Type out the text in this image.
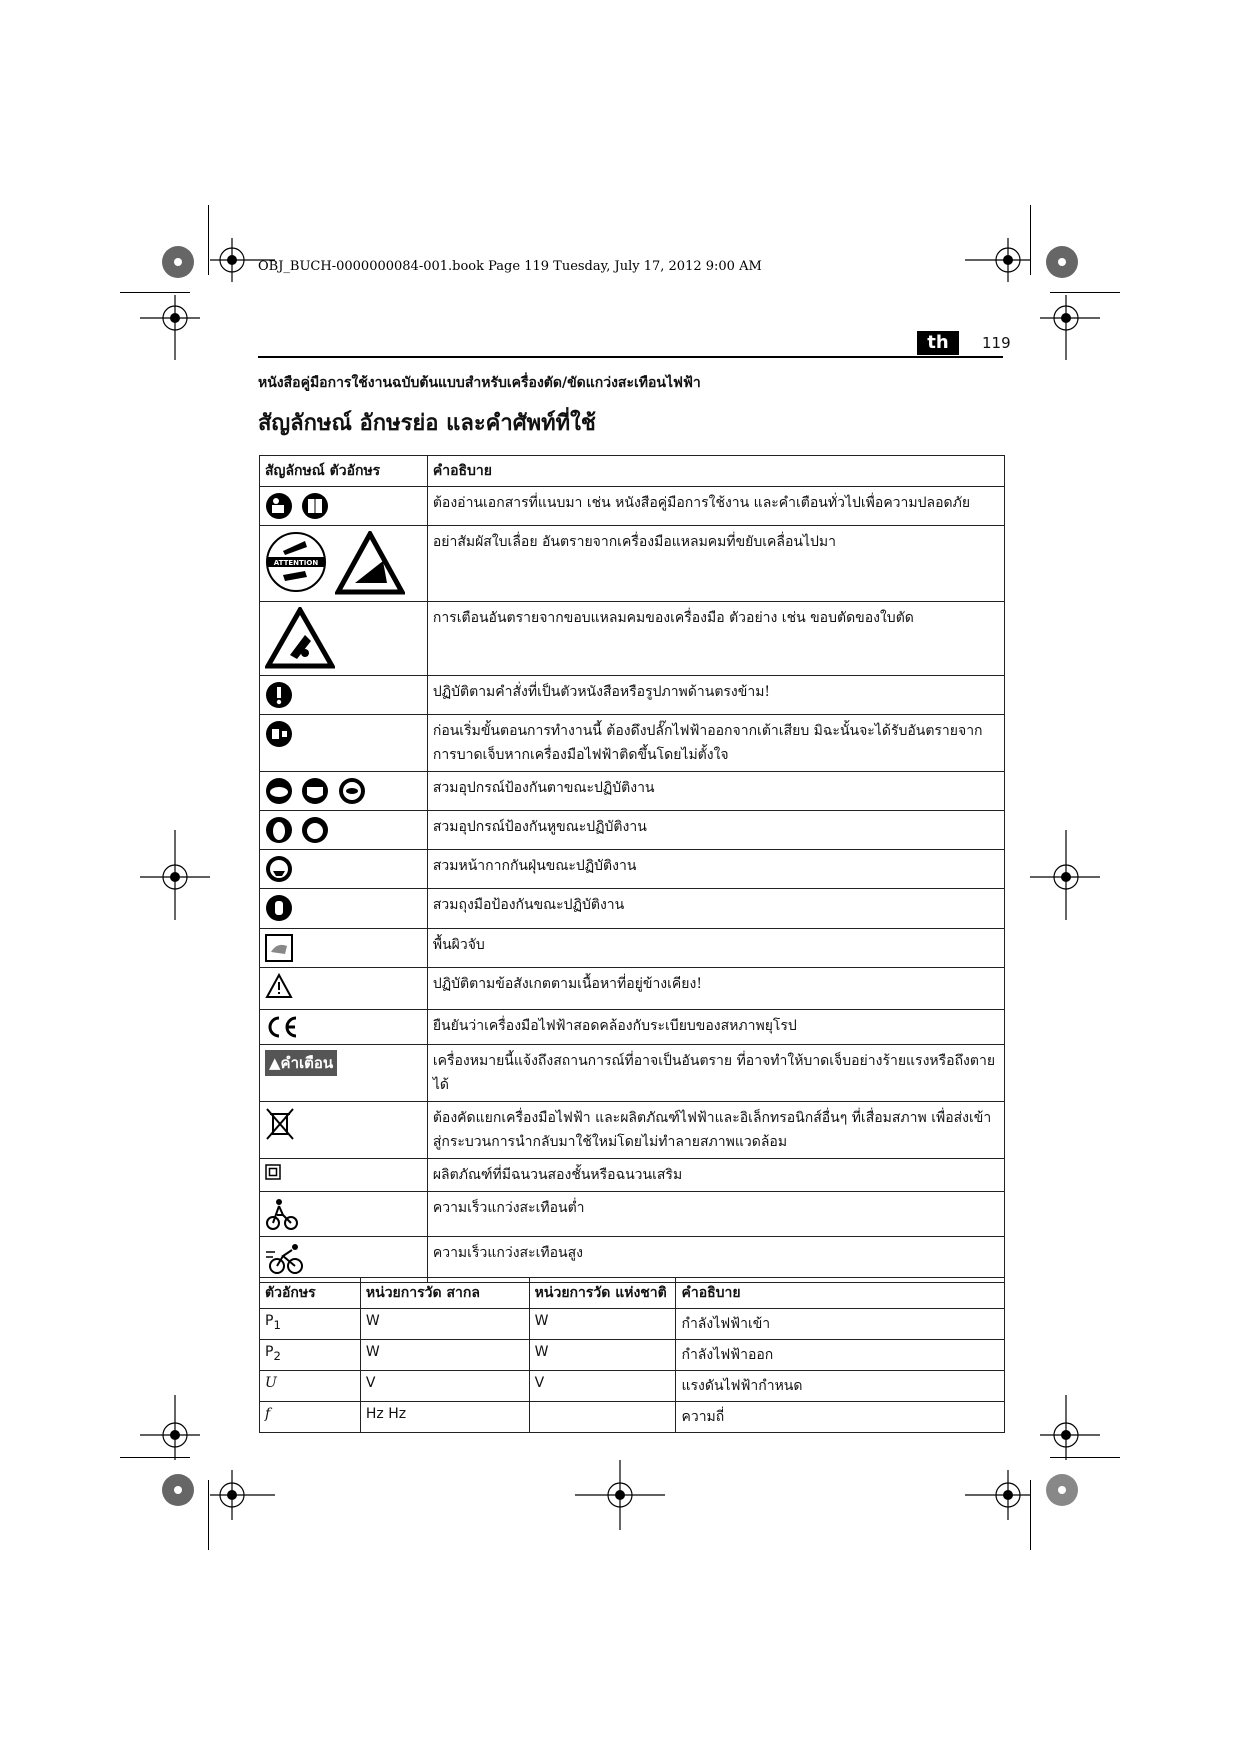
OBJ_BUCH-0000000084-001.book Page 119 Tuesday, July 17, 2012 9:00 AM
th	119
หนังสือคู่มือการใช้งานฉบับต้นแบบสำหรับเครื่องตัด/ขัดแกว่งสะเทือนไฟฟ้า
สัญลักษณ์ อักษรย่อ และคำศัพท์ที่ใช้
สัญลักษณ์ ตัวอักษร	คำอธิบาย
	ต้องอ่านเอกสารที่แนบมา เช่น หนังสือคู่มือการใช้งาน และคำเตือนทั่วไปเพื่อความปลอดภัย

ATTENTION	อย่าสัมผัสใบเลื่อย อันตรายจากเครื่องมือแหลมคมที่ขยับเคลื่อนไปมา
	การเตือนอันตรายจากขอบแหลมคมของเครื่องมือ ตัวอย่าง เช่น ขอบตัดของใบตัด
	ปฏิบัติตามคำสั่งที่เป็นตัวหนังสือหรือรูปภาพด้านตรงข้าม!
	ก่อนเริ่มขั้นตอนการทำงานนี้ ต้องดึงปลั๊กไฟฟ้าออกจากเต้าเสียบ มิฉะนั้นจะได้รับอันตรายจากการบาดเจ็บหากเครื่องมือไฟฟ้าติดขึ้นโดยไม่ตั้งใจ
	สวมอุปกรณ์ป้องกันตาขณะปฏิบัติงาน
	สวมอุปกรณ์ป้องกันหูขณะปฏิบัติงาน
	สวมหน้ากากกันฝุ่นขณะปฏิบัติงาน
	สวมถุงมือป้องกันขณะปฏิบัติงาน
	พื้นผิวจับ
	ปฏิบัติตามข้อสังเกตตามเนื้อหาที่อยู่ข้างเคียง!
	ยืนยันว่าเครื่องมือไฟฟ้าสอดคล้องกับระเบียบของสหภาพยุโรป
▲คำเตือน	เครื่องหมายนี้แจ้งถึงสถานการณ์ที่อาจเป็นอันตราย ที่อาจทำให้บาดเจ็บอย่างร้ายแรงหรือถึงตายได้
	ต้องคัดแยกเครื่องมือไฟฟ้า และผลิตภัณฑ์ไฟฟ้าและอิเล็กทรอนิกส์อื่นๆ ที่เสื่อมสภาพ เพื่อส่งเข้าสู่กระบวนการนำกลับมาใช้ใหม่โดยไม่ทำลายสภาพแวดล้อม
	ผลิตภัณฑ์ที่มีฉนวนสองชั้นหรือฉนวนเสริม
	ความเร็วแกว่งสะเทือนต่ำ
	ความเร็วแกว่งสะเทือนสูง
ตัวอักษร	หน่วยการวัด สากล	หน่วยการวัด แห่งชาติ	คำอธิบาย
$P_1$	W	W	กำลังไฟฟ้าเข้า
$P_2$	W	W	กำลังไฟฟ้าออก
U	V	V	แรงดันไฟฟ้ากำหนด
f	Hz Hz		ความถี่
